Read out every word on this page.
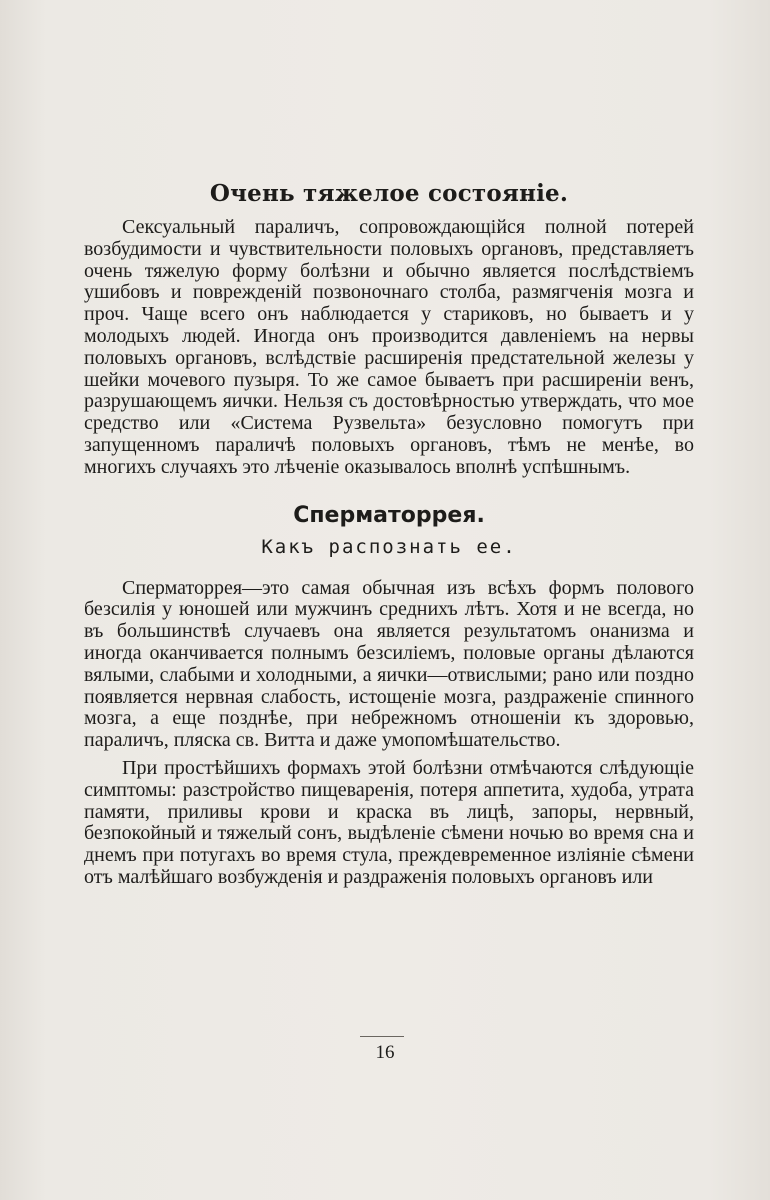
Очень тяжелое состоянiе.

Сексуальный параличъ, сопровождающiйся полной потерей возбудимости и чувствительности половыхъ органовъ, представляетъ очень тяжелую форму болѣзни и обычно является послѣдствiемъ ушибовъ и поврежденiй позвоночнаго столба, размягченiя мозга и проч. Чаще всего онъ наблюдается у стариковъ, но бываетъ и у молодыхъ людей. Иногда онъ производится давленiемъ на нервы половыхъ органовъ, вслѣдствiе расширенiя предстательной железы у шейки мочевого пузыря. То же самое бываетъ при расширенiи венъ, разрушающемъ яички. Нельзя съ достовѣрностью утверждать, что мое средство или «Система Рузвельта» безусловно помогутъ при запущенномъ параличѣ половыхъ органовъ, тѣмъ не менѣе, во многихъ случаяхъ это лѣченiе оказывалось вполнѣ успѣшнымъ.

Сперматоррея.
Какъ распознать ее.

Сперматоррея—это самая обычная изъ всѣхъ формъ полового безсилiя у юношей или мужчинъ среднихъ лѣтъ. Хотя и не всегда, но въ большинствѣ случаевъ она является результатомъ онанизма и иногда оканчивается полнымъ безсилiемъ, половые органы дѣлаются вялыми, слабыми и холодными, а яички—отвислыми; рано или поздно появляется нервная слабость, истощенiе мозга, раздраженiе спинного мозга, а еще позднѣе, при небрежномъ отношенiи къ здоровью, параличъ, пляска св. Витта и даже умопомѣшательство.

При простѣйшихъ формахъ этой болѣзни отмѣчаются слѣдующiе симптомы: разстройство пищеваренiя, потеря аппетита, худоба, утрата памяти, приливы крови и краска въ лицѣ, запоры, нервный, безпокойный и тяжелый сонъ, выдѣленiе сѣмени ночью во время сна и днемъ при потугахъ во время стула, преждевременное изліянiе сѣмени отъ малѣйшаго возбужденiя и раздраженiя половыхъ органовъ или

16
